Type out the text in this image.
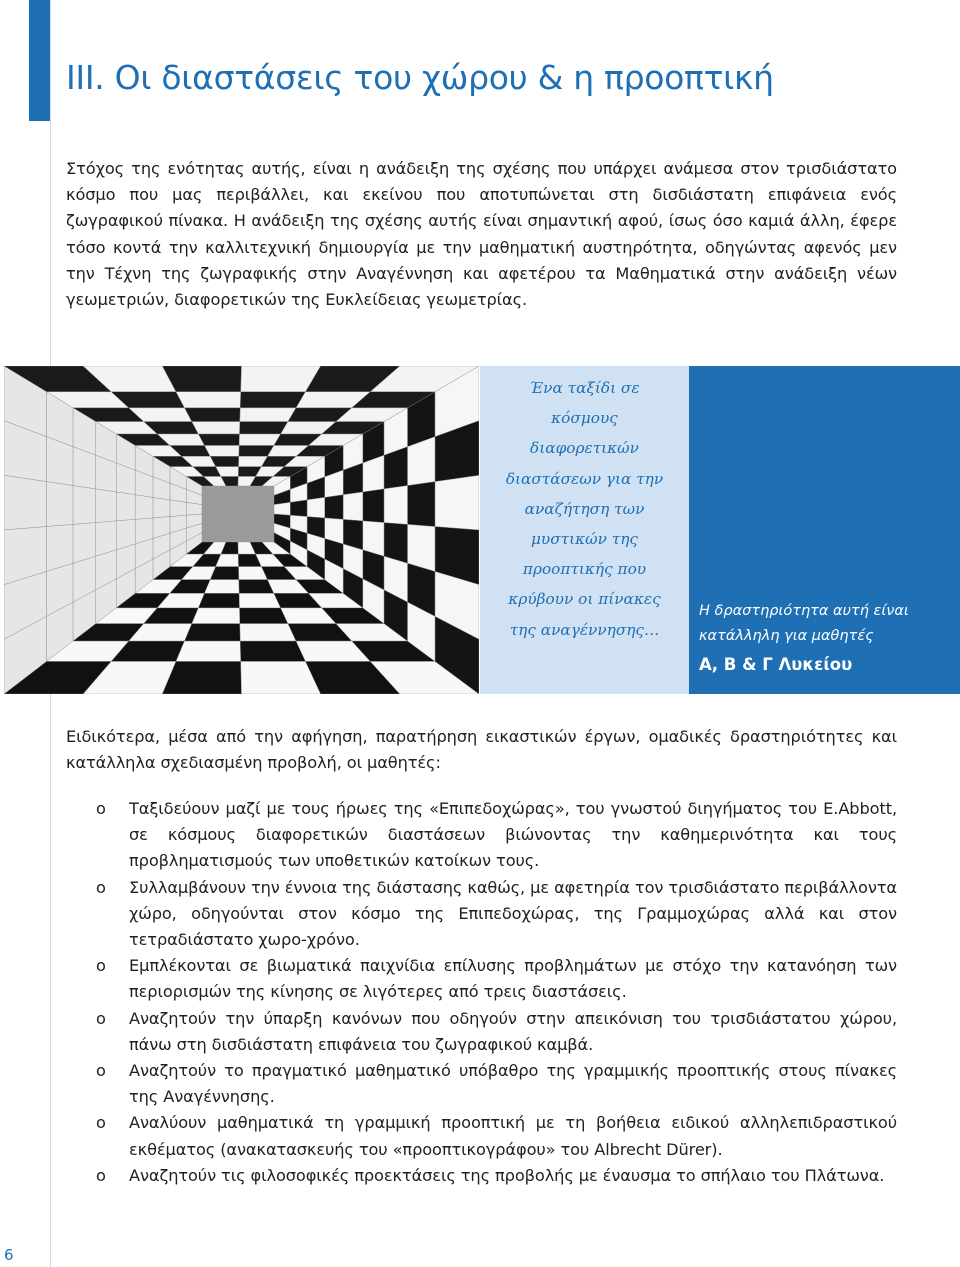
6
ΙΙΙ. Οι διαστάσεις του χώρου & η προοπτική

Στόχος της ενότητας αυτής, είναι η ανάδειξη της σχέσης που υπάρχει ανάμεσα στον τρισδιάστατο κόσμο που μας περιβάλλει, και εκείνου που αποτυπώνεται στη δισδιάστατη επιφάνεια ενός ζωγραφικού πίνακα. Η ανάδειξη της σχέσης αυτής είναι σημαντική αφού, ίσως όσο καμιά άλλη, έφερε τόσο κοντά την καλλιτεχνική δημιουργία με την μαθηματική αυστηρότητα, οδηγώντας αφενός μεν την Τέχνη της ζωγραφικής στην Αναγέννηση και αφετέρου τα Μαθηματικά στην ανάδειξη νέων γεωμετριών, διαφορετικών της Ευκλείδειας γεωμετρίας.

Ένα ταξίδι σε
κόσμους
διαφορετικών
διαστάσεων για την
αναζήτηση των
μυστικών της
προοπτικής που
κρύβουν οι πίνακες
της αναγέννησης…
Η δραστηριότητα αυτή είναι
κατάλληλη για μαθητές
Α, Β & Γ Λυκείου

Ειδικότερα, μέσα από την αφήγηση, παρατήρηση εικαστικών έργων, ομαδικές δραστηριότητες και κατάλληλα σχεδιασμένη προβολή, οι μαθητές:

o Ταξιδεύουν μαζί με τους ήρωες της «Επιπεδοχώρας», του γνωστού διηγήματος του E.Abbott, σε κόσμους διαφορετικών διαστάσεων βιώνοντας την καθημερινότητα και τους προβληματισμούς των υποθετικών κατοίκων τους.
o Συλλαμβάνουν την έννοια της διάστασης καθώς, με αφετηρία τον τρισδιάστατο περιβάλλοντα χώρο, οδηγούνται στον κόσμο της Επιπεδοχώρας, της Γραμμοχώρας αλλά και στον τετραδιάστατο χωρο-χρόνο.
o Εμπλέκονται σε βιωματικά παιχνίδια επίλυσης προβλημάτων με στόχο την κατανόηση των περιορισμών της κίνησης σε λιγότερες από τρεις διαστάσεις.
o Αναζητούν την ύπαρξη κανόνων που οδηγούν στην απεικόνιση του τρισδιάστατου χώρου, πάνω στη δισδιάστατη επιφάνεια του ζωγραφικού καμβά.
o Αναζητούν το πραγματικό μαθηματικό υπόβαθρο της γραμμικής προοπτικής στους πίνακες της Αναγέννησης.
o Αναλύουν μαθηματικά τη γραμμική προοπτική με τη βοήθεια ειδικού αλληλεπιδραστικού εκθέματος (ανακατασκευής του «προοπτικογράφου» του Albrecht Dürer).
o Αναζητούν τις φιλοσοφικές προεκτάσεις της προβολής με έναυσμα το σπήλαιο του Πλάτωνα.
